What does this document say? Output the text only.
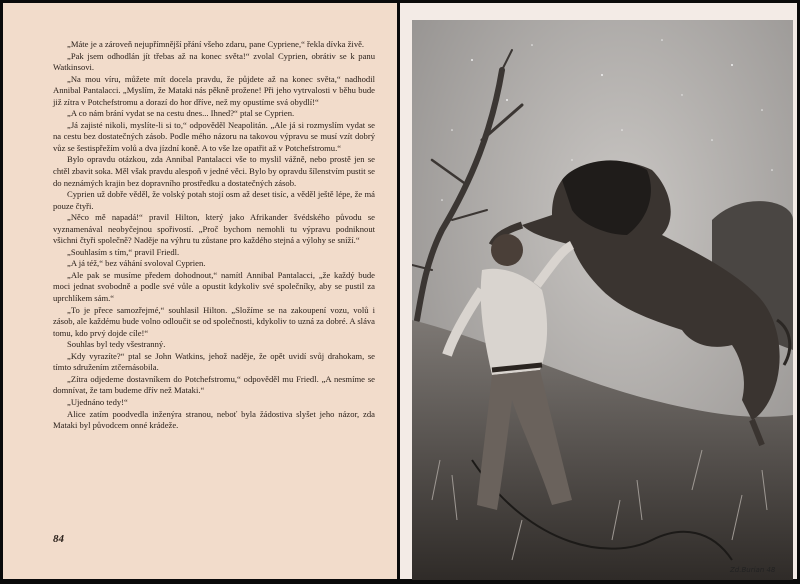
„Máte je a zároveň nejupřímnější přání všeho zdaru, pane Cypriene,“ řekla dívka živě.

„Pak jsem odhodlán jít třebas až na konec světa!“ zvolal Cyprien, obrátiv se k panu Watkinsovi.

„Na mou víru, můžete mít docela pravdu, že půjdete až na konec světa,“ nadhodil Annibal Pantalacci. „Myslím, že Mataki nás pěkně prožene! Při jeho vytrvalosti v běhu bude již zítra v Potchefstromu a dorazí do hor dříve, než my opustíme svá obydlí!“

„A co nám brání vydat se na cestu dnes... Ihned?“ ptal se Cyprien.

„Já zajisté nikoli, myslíte-li si to,“ odpověděl Neapolitán. „Ale já si rozmyslím vydat se na cestu bez dostatečných zásob. Podle mého názoru na takovou výpravu se musí vzít dobrý vůz se šestispřežím volů a dva jízdní koně. A to vše lze opatřit až v Potchefstromu.“

Bylo opravdu otázkou, zda Annibal Pantalacci vše to myslil vážně, nebo prostě jen se chtěl zbavit soka. Měl však pravdu alespoň v jedné věci. Bylo by opravdu šílenstvím pustit se do neznámých krajin bez dopravního prostředku a dostatečných zásob.

Cyprien už dobře věděl, že volský potah stojí osm až deset tisíc, a věděl ještě lépe, že má pouze čtyři.

„Něco mě napadá!“ pravil Hilton, který jako Afrikander švédského původu se vyznamenával neobyčejnou spořivostí. „Proč bychom nemohli tu výpravu podniknout všichni čtyři společně? Naděje na výhru tu zůstane pro každého stejná a výlohy se sníží.“

„Souhlasím s tím,“ pravil Friedl.

„A já též,“ bez váhání svoloval Cyprien.

„Ale pak se musíme předem dohodnout,“ namítl Annibal Pantalacci, „že každý bude moci jednat svobodně a podle své vůle a opustit kdykoliv své společníky, aby se pustil za uprchlíkem sám.“

„To je přece samozřejmé,“ souhlasil Hilton. „Složíme se na zakoupení vozu, volů i zásob, ale každému bude volno odloučit se od společnosti, kdykoliv to uzná za dobré. A sláva tomu, kdo prvý dojde cíle!“

Souhlas byl tedy všestranný.

„Kdy vyrazíte?“ ptal se John Watkins, jehož naděje, že opět uvidí svůj drahokam, se tímto sdružením ztčernásobila.

„Zítra odjedeme dostavníkem do Potchefstromu,“ odpověděl mu Friedl. „A nesmíme se domnívat, že tam budeme dřív než Mataki.“

„Ujednáno tedy!“

Alice zatím poodvedla inženýra stranou, neboť byla žádostiva slyšet jeho názor, zda Mataki byl původcem onné krádeže.

84
Zd.Burian 48
